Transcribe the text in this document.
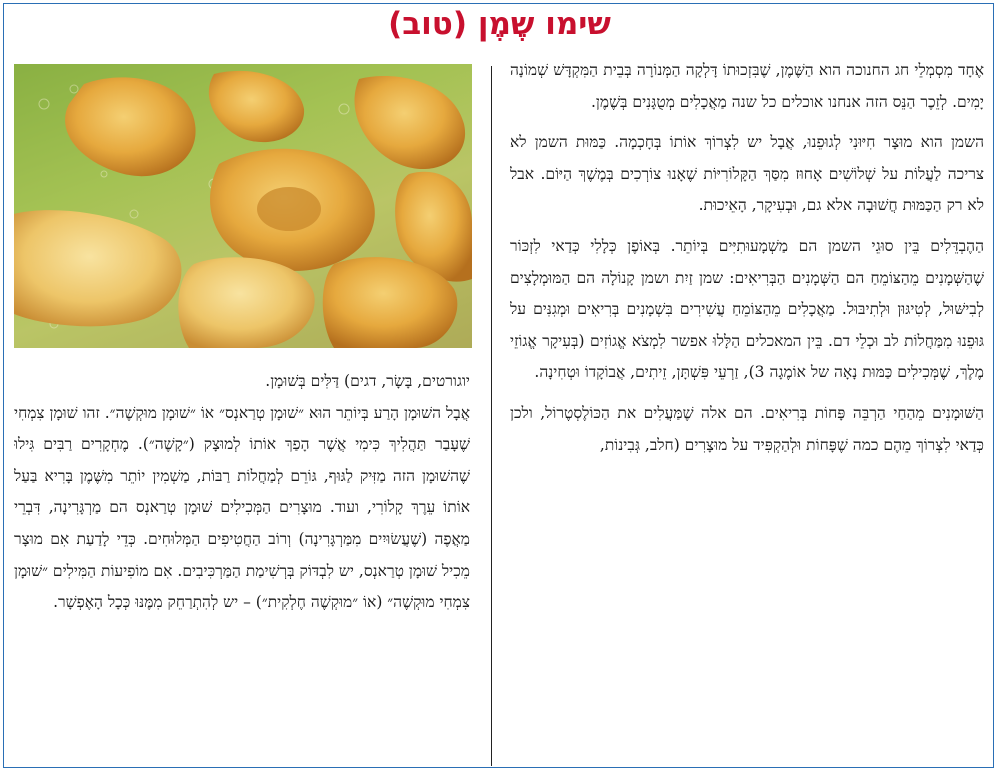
שימו שֶמֶן (טוב)

אֶחָד מִסְמְלֵי חג החנוכה הוא הַשֶּׁמֶן, שֶׁבִּזְכוּתוֹ דָּלְקָה הַמְּנוֹרָה בְּבֵית הַמִּקְדָּשׁ שְׁמוֹנָה יָמִים. לְזֵכֶר הַנֵּס הזה אנחנו אוכלים כל שנה מַאֲכָלִים מְטֻגָּנִים בְּשֶׁמֶן.

השמן הוא מוּצָר חִיּוּנִי לְגוּפֵנוּ, אֲבָל יש לִצְרוֹךְ אוֹתוֹ בְּחָכְמָה. כַּמּוּת השמן לא צריכה לַעֲלוֹת על שְׁלוֹשִׁים אָחוּז מִסַּךְ הַקָּלוֹרִיּוֹת שֶׁאָנוּ צוֹרְכִים בְּמֶשֶׁךְ הַיּוֹם. אבל לא רק הַכַּמּוּת חֲשׁוּבָה אלא גם, וּבְעִיקָר, הָאֵיכוּת.

הַהֶבְדֵּלִים בֵּין סוּגֵי השמן הם מַשְׁמָעוּתִיִּים בְּיוֹתֵר. בְּאוֹפֶן כְּלָלִי כְּדַאי לִזְכּוֹר שֶׁהַשְּׁמָנִים מֵהַצּוֹמֵחַ הם הַשְּׁמָנִים הַבְּרִיאִים: שמן זַיִת ושמן קָנוֹלָה הם הַמּוּמְלָצִים לְבִישּׁוּל, לְטִיגּוּן וּלְתִיבּוּל. מַאֲכָלִים מֵהַצּוֹמֵחַ עֲשִׁירִים בִּשְׁמָנִים בְּרִיאִים וּמְגִנִּים על גּוּפֵנוּ מִמַּחֲלוֹת לב וּכְלֵי דם. בֵּין המאכלים הַלָּלוּ אפשר לִמְצֹא אֱגוֹזִים (בְּעִיקָר אֱגוֹזֵי מֶלֶךְ, שֶׁמְּכִילִים כַּמּוּת נָאָה של אוֹמֶגָה 3), זַרְעֵי פִּשְׁתָּן, זֵיתִים, אֲבוֹקָדוֹ וּטְחִינָה.

הַשּׁוּמָנִים מֵהַחַי הַרְבֵּה פָּחוֹת בְּרִיאִים. הם אלה שֶׁמַּעֲלִים את הַכּוֹלֶסְטֶרוֹל, ולכן כְּדַאי לִצְרוֹךְ מֵהֶם כמה שֶׁפָּחוֹת וּלְהַקְפִּיד על מוּצָרִים (חלב, גְּבִינוֹת,

יוגורטים, בָּשָׂר, דגים) דַּלִּים בְּשׁוּמָן.

אֲבָל השׁוּמָן הָרַע בְּיוֹתֵר הוּא ״שׁוּמָן טְרַאנְס״ אוֹ ״שׁוּמָן מוּקְשֶׁה״. זהו שׁוּמָן צִמְחִי שֶׁעָבַר תַּהֲלִיךְ כִּימִי אֲשֶׁר הָפַךְ אוֹתוֹ לְמוּצָק (״קָשֶׁה״). מֶחְקָרִים רַבִּים גִּילוּ שֶׁהשׁוּמָן הזה מַזִּיק לַגּוּף, גּוֹרֵם לְמַחֲלוֹת רַבּוֹת, מַשְׁמִין יוֹתֵר מִשֶּׁמֶן בָּרִיא בַּעַל אוֹתוֹ עֵרֶךְ קָלוֹרִי, ועוד. מוּצָרִים הַמְּכִילִים שׁוּמָן טְרַאנְס הם מַרְגָּרִינָה, דִּבְרֵי מַאֲפֶה (שֶׁעֲשׂוּיִים מִמַּרְגָּרִינָה) וְרוֹב הַחֲטִיפִים הַמְּלוּחִים. כְּדֵי לָדַעַת אִם מוּצָר מֵכִיל שׁוּמָן טְרַאנְס, יש לִבְדּוֹק בְּרְשִׁימַת הַמַּרְכִּיבִים. אִם מוֹפִיעוֹת הַמִּילִים ״שׁוּמָן צִמְחִי מוּקְשֶׁה״ (אוֹ ״מוּקְשֶׁה חֶלְקִית״) – יש לְהִתְרַחֵק מִמֶּנּוּ כְּכָל הָאֶפְשָׁר.
